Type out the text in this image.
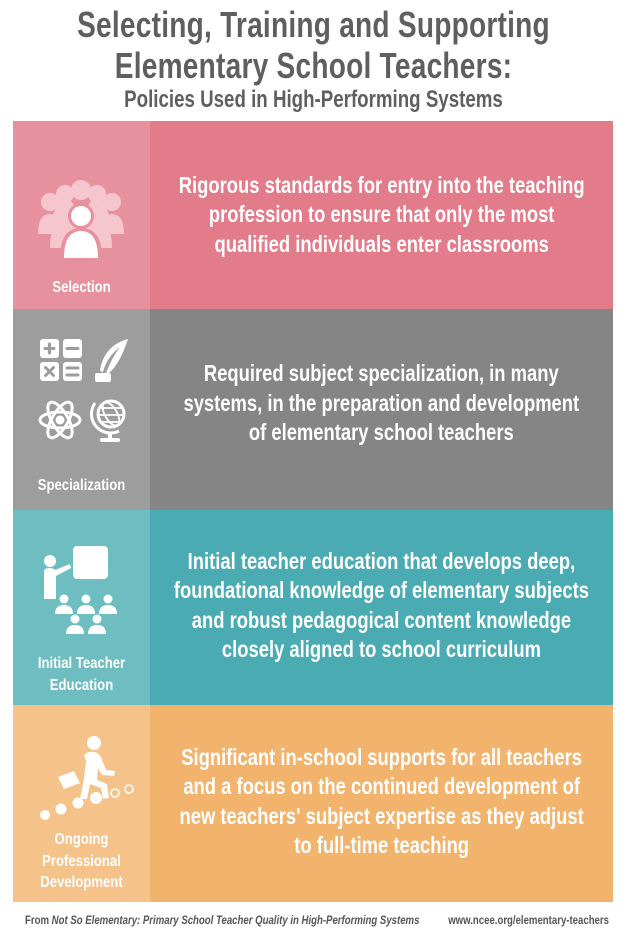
Selecting, Training and Supporting
Elementary School Teachers:
Policies Used in High-Performing Systems
Selection
Rigorous standards for entry into the teaching
profession to ensure that only the most
qualified individuals enter classrooms
Specialization
Required subject specialization, in many
systems, in the preparation and development
of elementary school teachers
Initial Teacher
Education
Initial teacher education that develops deep,
foundational knowledge of elementary subjects
and robust pedagogical content knowledge
closely aligned to school curriculum
Ongoing
Professional
Development
Significant in-school supports for all teachers
and a focus on the continued development of
new teachers' subject expertise as they adjust
to full-time teaching
From Not So Elementary: Primary School Teacher Quality in High-Performing Systems www.ncee.org/elementary-teachers
